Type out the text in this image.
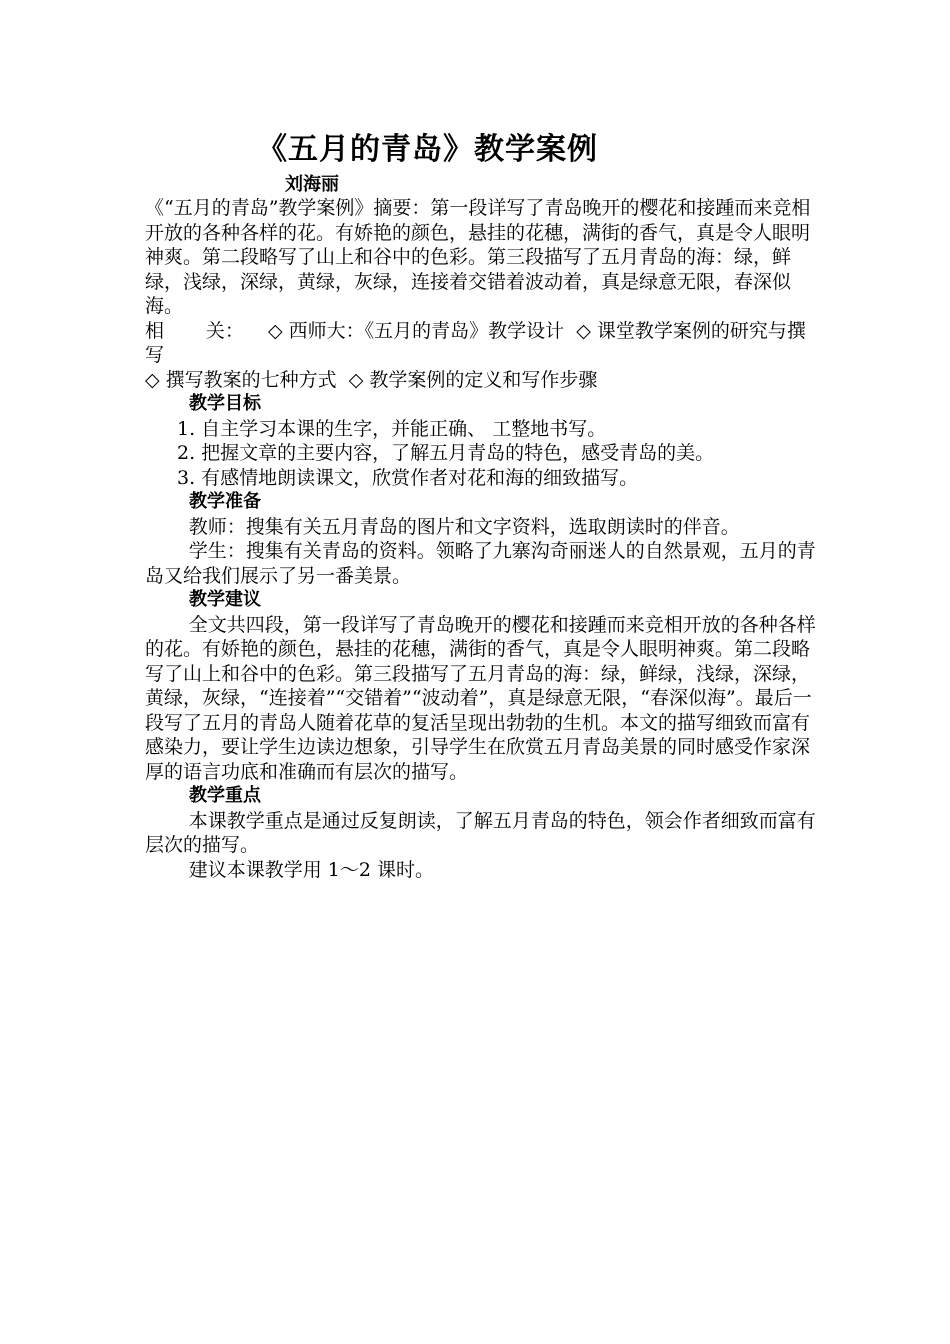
《五月的青岛》教学案例

刘海丽

《“五月的青岛”教学案例》摘要：第一段详写了青岛晚开的樱花和接踵而来竞相开放的各种各样的花。有娇艳的颜色，悬挂的花穗，满街的香气，真是令人眼明神爽。第二段略写了山上和谷中的色彩。第三段描写了五月青岛的海：绿，鲜绿，浅绿，深绿，黄绿，灰绿，连接着交错着波动着，真是绿意无限，春深似海。

相 关： ◇ 西师大：《五月的青岛》教学设计 ◇ 课堂教学案例的研究与撰写

◇ 撰写教案的七种方式 ◇ 教学案例的定义和写作步骤

教学目标

1. 自主学习本课的生字，并能正确、 工整地书写。

2. 把握文章的主要内容，了解五月青岛的特色，感受青岛的美。

3. 有感情地朗读课文，欣赏作者对花和海的细致描写。

教学准备

教师：搜集有关五月青岛的图片和文字资料，选取朗读时的伴音。

学生：搜集有关青岛的资料。领略了九寨沟奇丽迷人的自然景观，五月的青岛又给我们展示了另一番美景。

教学建议

全文共四段，第一段详写了青岛晚开的樱花和接踵而来竞相开放的各种各样的花。有娇艳的颜色，悬挂的花穗，满街的香气，真是令人眼明神爽。第二段略写了山上和谷中的色彩。第三段描写了五月青岛的海：绿，鲜绿，浅绿，深绿，黄绿，灰绿，“连接着”“交错着”“波动着”，真是绿意无限，“春深似海”。最后一段写了五月的青岛人随着花草的复活呈现出勃勃的生机。本文的描写细致而富有感染力，要让学生边读边想象，引导学生在欣赏五月青岛美景的同时感受作家深厚的语言功底和准确而有层次的描写。

教学重点

本课教学重点是通过反复朗读，了解五月青岛的特色，领会作者细致而富有层次的描写。

建议本课教学用 1～2 课时。
